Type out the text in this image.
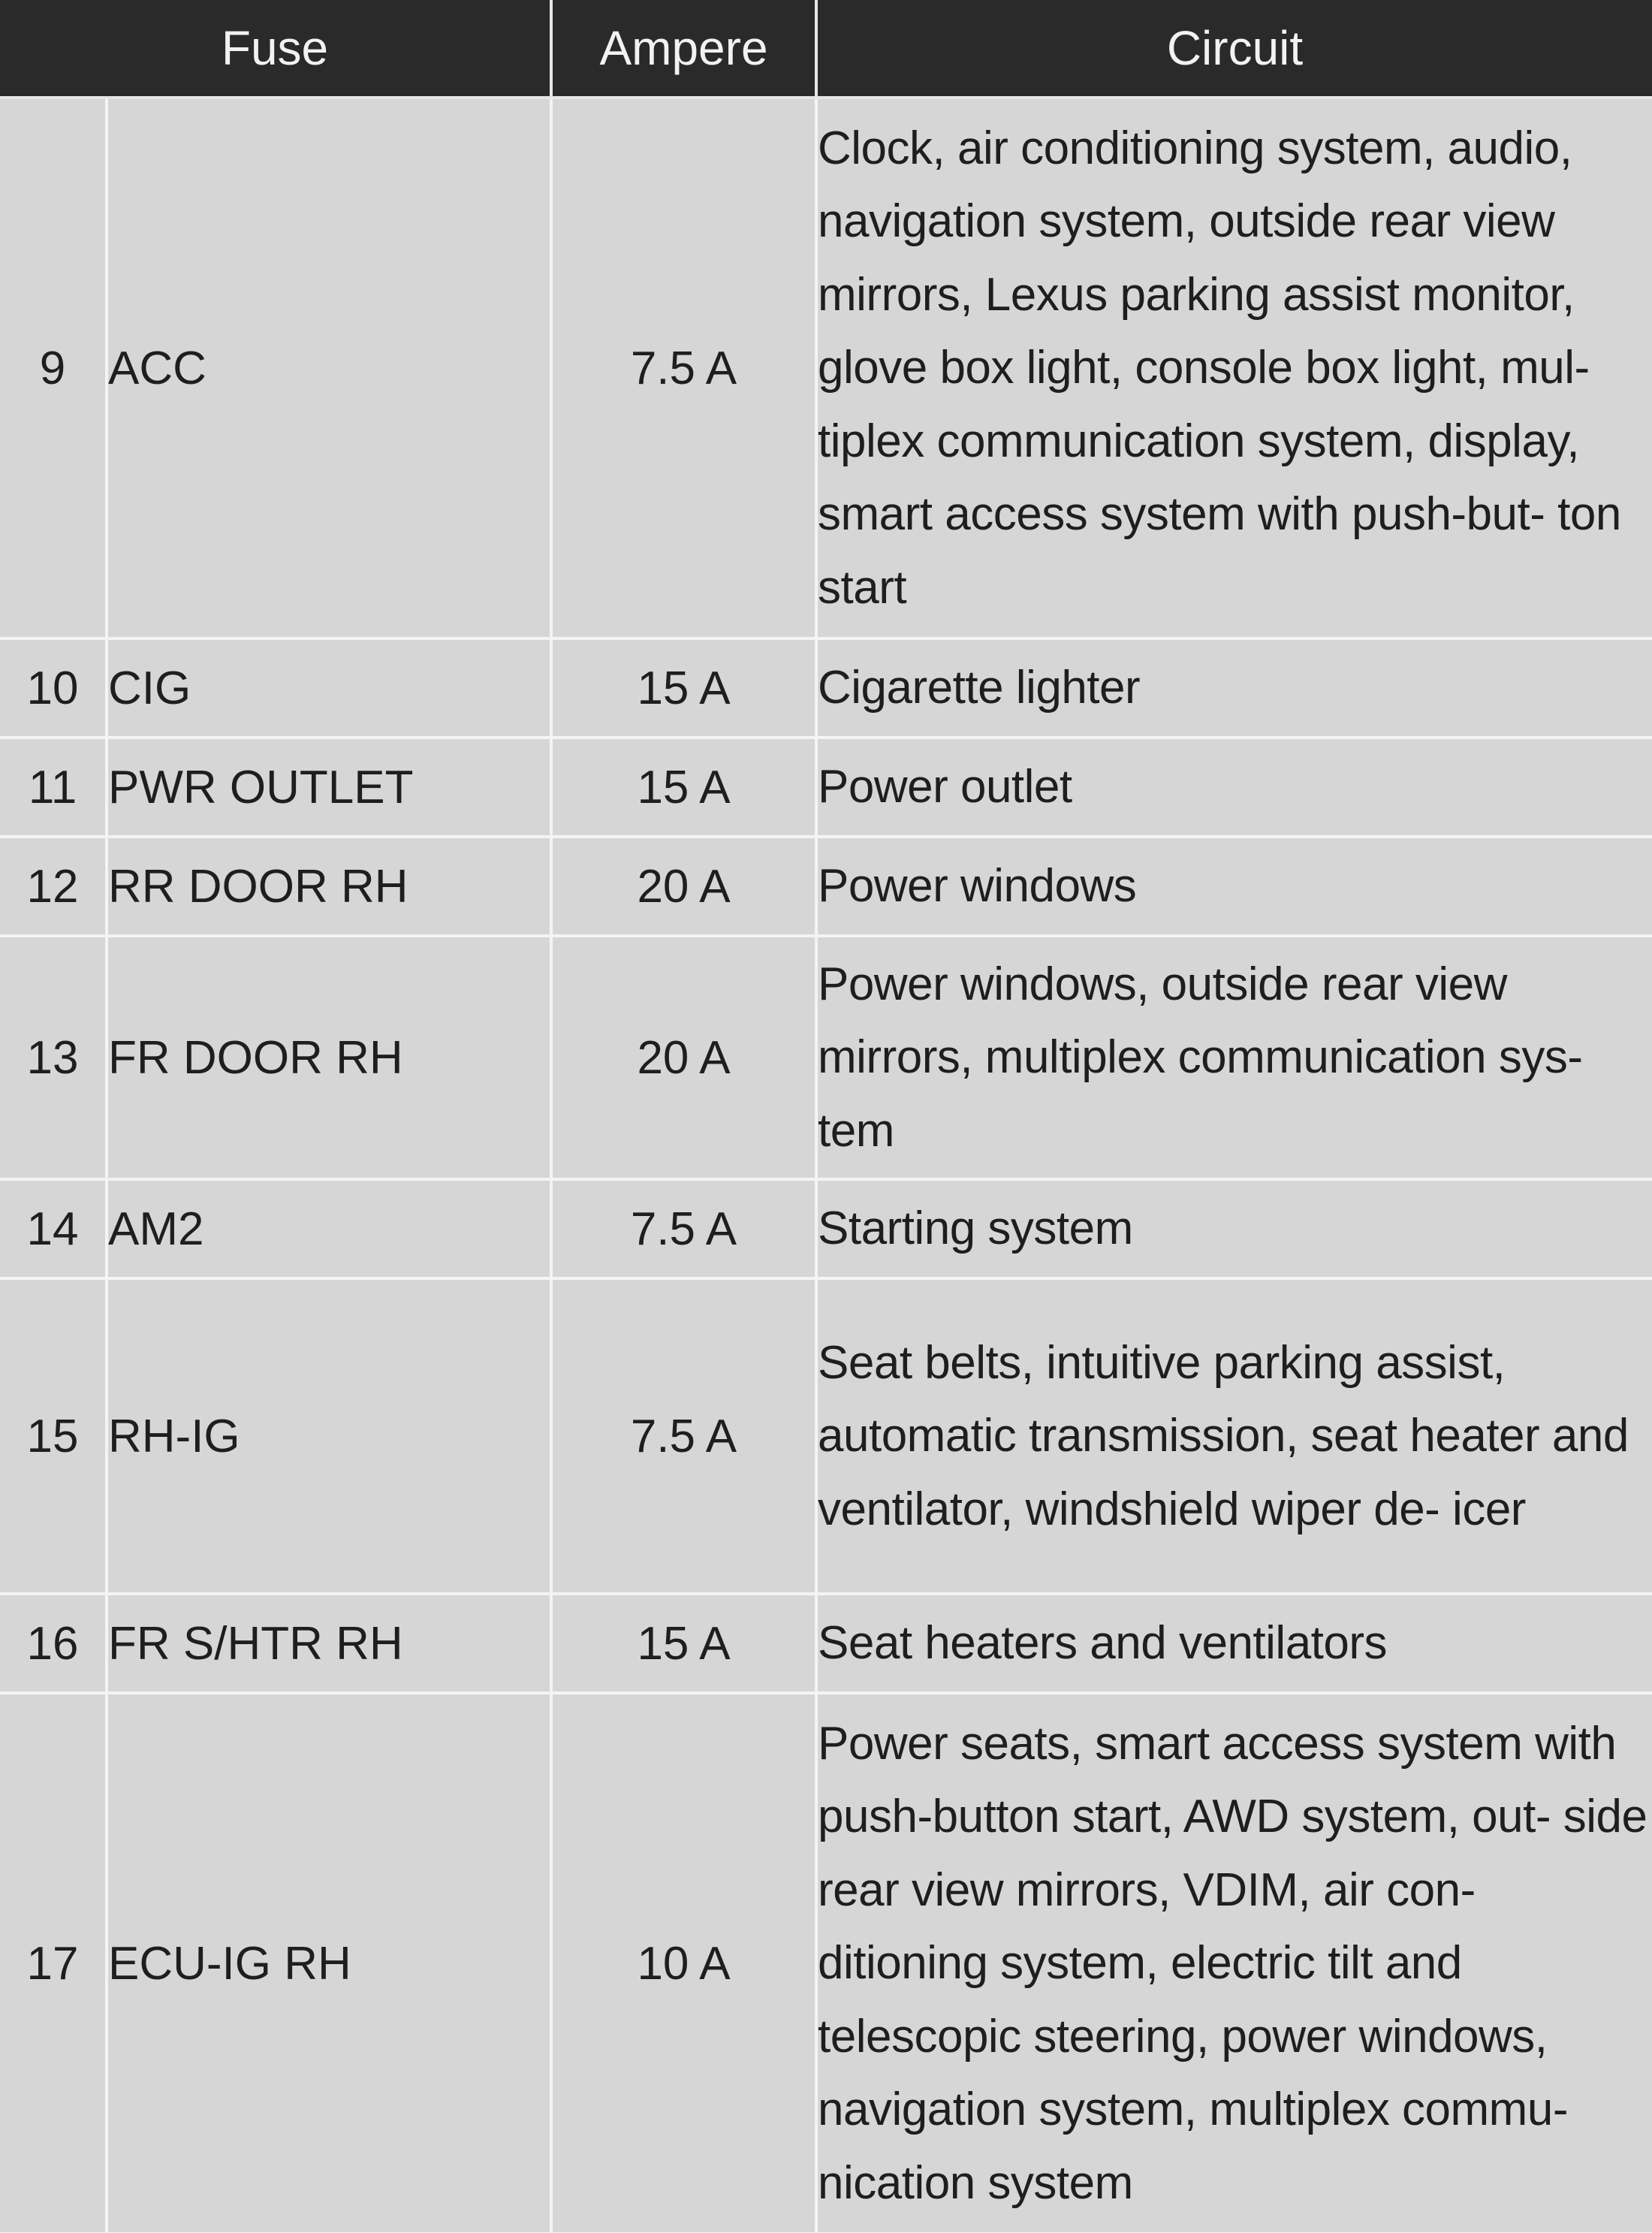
Fuse		Ampere	Circuit
9	ACC	7.5 A	Clock, air conditioning system, audio, navigation system, outside rear view mirrors, Lexus parking assist monitor, glove box light, console box light, mul- tiplex communication system, display, smart access system with push-but- ton start
10	CIG	15 A	Cigarette lighter
11	PWR OUTLET	15 A	Power outlet
12	RR DOOR RH	20 A	Power windows
13	FR DOOR RH	20 A	Power windows, outside rear view mirrors, multiplex communication sys- tem
14	AM2	7.5 A	Starting system
15	RH-IG	7.5 A	Seat belts, intuitive parking assist, automatic transmission, seat heater and ventilator, windshield wiper de- icer
16	FR S/HTR RH	15 A	Seat heaters and ventilators
17	ECU-IG RH	10 A	Power seats, smart access system with push-button start, AWD system, out- side rear view mirrors, VDIM, air con- ditioning system, electric tilt and telescopic steering, power windows, navigation system, multiplex commu- nication system
